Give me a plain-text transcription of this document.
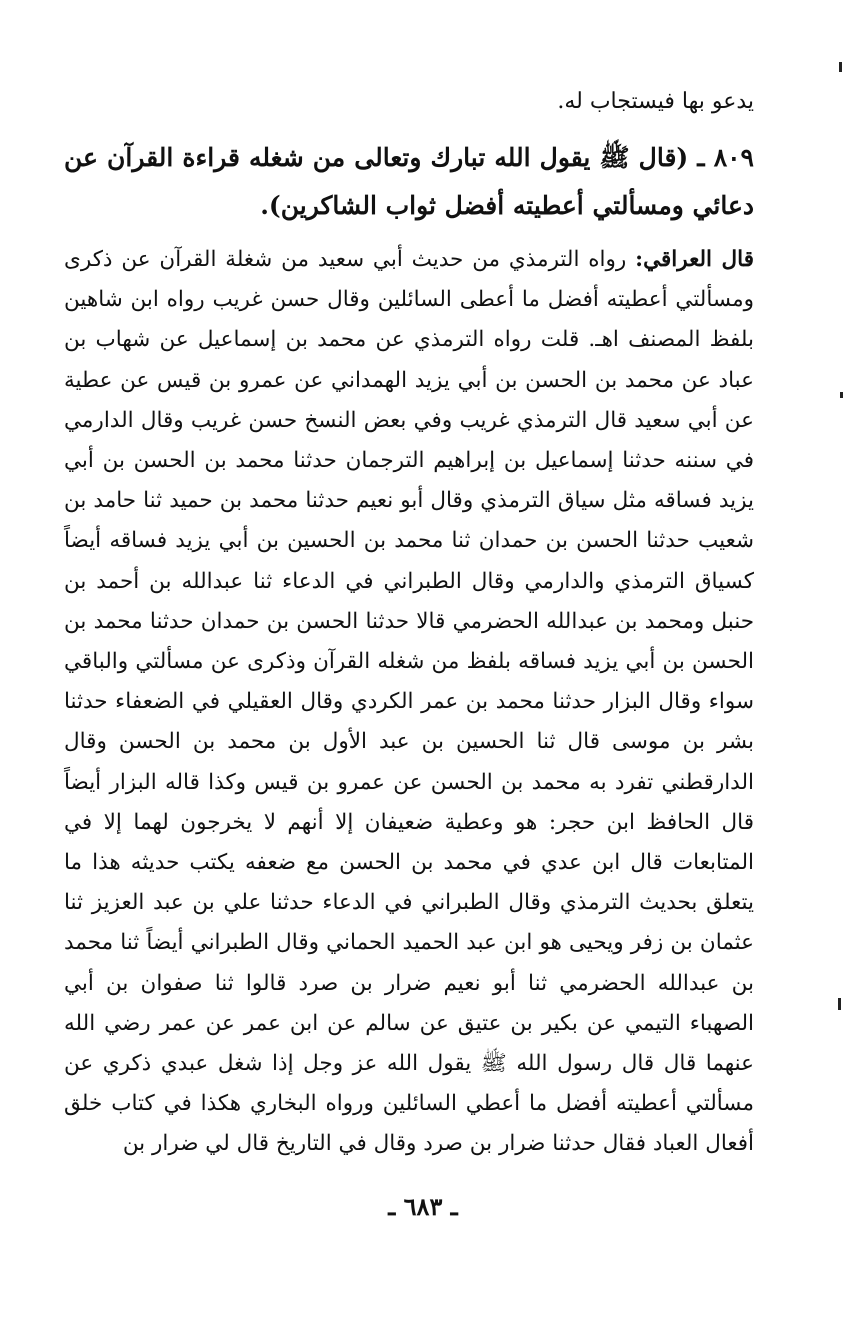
يدعو بها فيستجاب له.

٨٠٩ ـ (قال ﷺ يقول الله تبارك وتعالى من شغله قراءة القرآن عن دعائي ومسألتي أعطيته أفضل ثواب الشاكرين).

قال العراقي: رواه الترمذي من حديث أبي سعيد من شغلة القرآن عن ذكرى ومسألتي أعطيته أفضل ما أعطى السائلين وقال حسن غريب رواه ابن شاهين بلفظ المصنف اهـ. قلت رواه الترمذي عن محمد بن إسماعيل عن شهاب بن عباد عن محمد بن الحسن بن أبي يزيد الهمداني عن عمرو بن قيس عن عطية عن أبي سعيد قال الترمذي غريب وفي بعض النسخ حسن غريب وقال الدارمي في سننه حدثنا إسماعيل بن إبراهيم الترجمان حدثنا محمد بن الحسن بن أبي يزيد فساقه مثل سياق الترمذي وقال أبو نعيم حدثنا محمد بن حميد ثنا حامد بن شعيب حدثنا الحسن بن حمدان ثنا محمد بن الحسين بن أبي يزيد فساقه أيضاً كسياق الترمذي والدارمي وقال الطبراني في الدعاء ثنا عبدالله بن أحمد بن حنبل ومحمد بن عبدالله الحضرمي قالا حدثنا الحسن بن حمدان حدثنا محمد بن الحسن بن أبي يزيد فساقه بلفظ من شغله القرآن وذكرى عن مسألتي والباقي سواء وقال البزار حدثنا محمد بن عمر الكردي وقال العقيلي في الضعفاء حدثنا بشر بن موسى قال ثنا الحسين بن عبد الأول بن محمد بن الحسن وقال الدارقطني تفرد به محمد بن الحسن عن عمرو بن قيس وكذا قاله البزار أيضاً قال الحافظ ابن حجر: هو وعطية ضعيفان إلا أنهم لا يخرجون لهما إلا في المتابعات قال ابن عدي في محمد بن الحسن مع ضعفه يكتب حديثه هذا ما يتعلق بحديث الترمذي وقال الطبراني في الدعاء حدثنا علي بن عبد العزيز ثنا عثمان بن زفر ويحيى هو ابن عبد الحميد الحماني وقال الطبراني أيضاً ثنا محمد بن عبدالله الحضرمي ثنا أبو نعيم ضرار بن صرد قالوا ثنا صفوان بن أبي الصهباء التيمي عن بكير بن عتيق عن سالم عن ابن عمر عن عمر رضي الله عنهما قال قال رسول الله ﷺ يقول الله عز وجل إذا شغل عبدي ذكري عن مسألتي أعطيته أفضل ما أعطي السائلين ورواه البخاري هكذا في كتاب خلق أفعال العباد فقال حدثنا ضرار بن صرد وقال في التاريخ قال لي ضرار بن

ـ ٦٨٣ ـ
